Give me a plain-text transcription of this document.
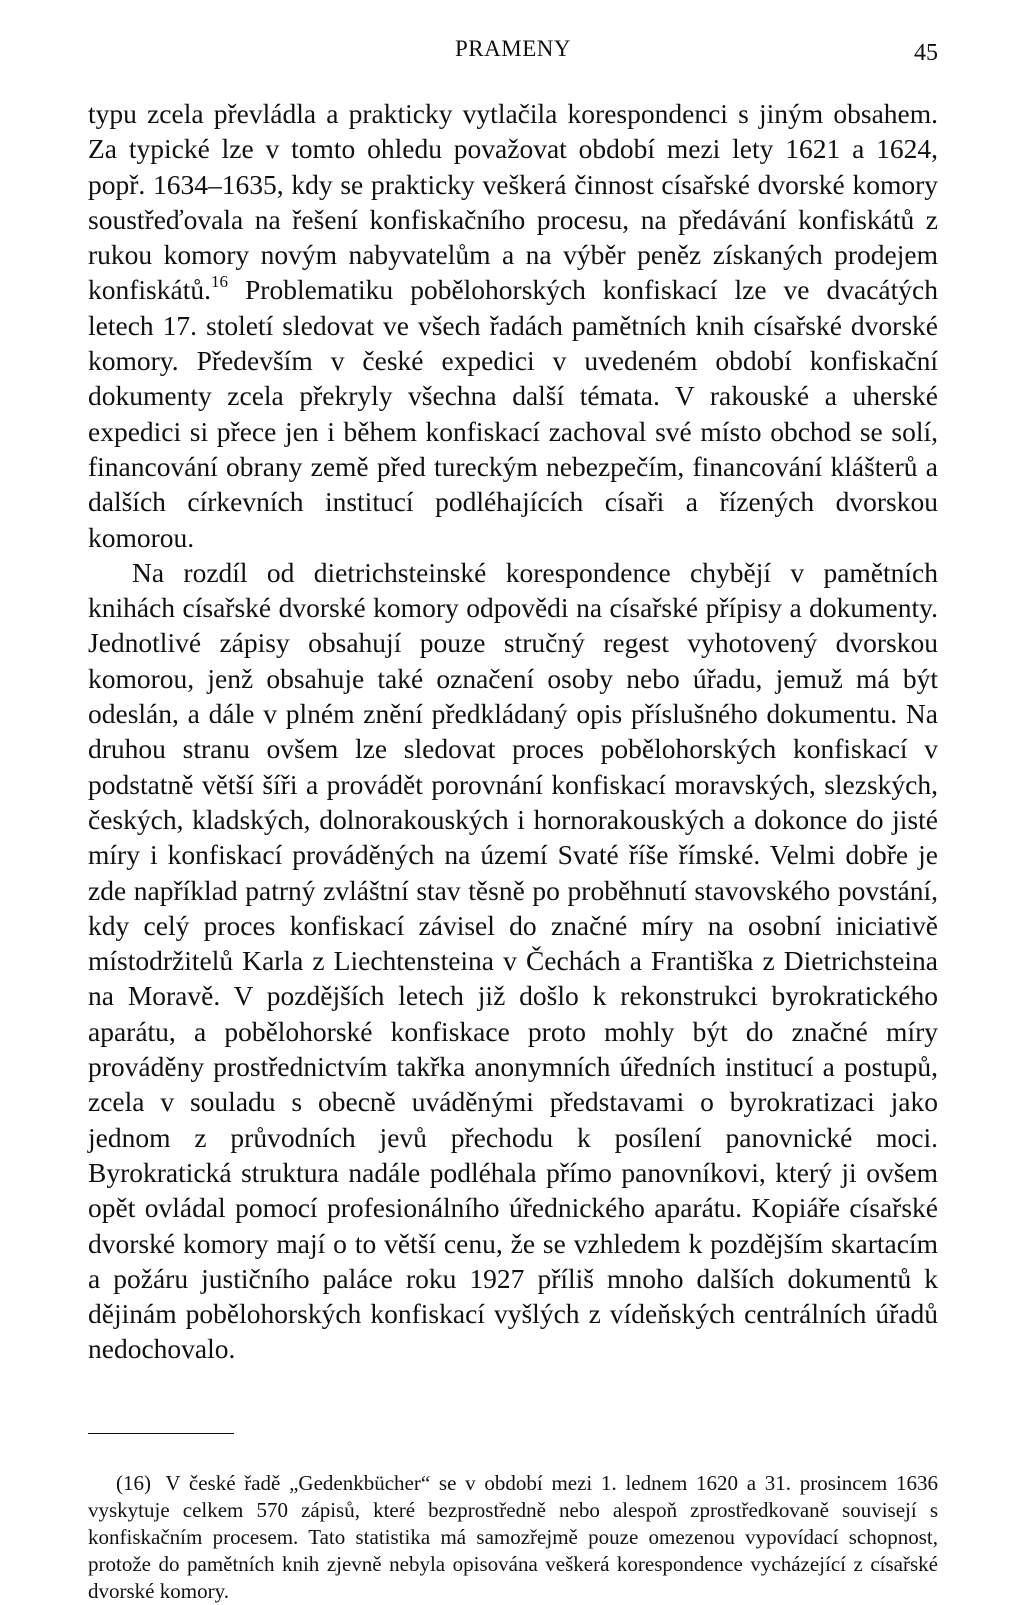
PRAMENY	45

typu zcela převládla a prakticky vytlačila korespondenci s jiným obsahem. Za typické lze v tomto ohledu považovat období mezi lety 1621 a 1624, popř. 1634–1635, kdy se prakticky veškerá činnost císařské dvorské komory soustřeďovala na řešení konfiskačního procesu, na předávání konfiskátů z rukou komory novým nabyvatelům a na výběr peněz získaných prodejem konfiskátů.$^{16}$ Problematiku pobělohorských konfiskací lze ve dvacátých letech 17. století sledovat ve všech řadách pamětních knih císařské dvorské komory. Především v české expedici v uvedeném období konfiskační dokumenty zcela překryly všechna další témata. V rakouské a uherské expedici si přece jen i během konfiskací zachoval své místo obchod se solí, financování obrany země před tureckým nebezpečím, financování klášterů a dalších církevních institucí podléhajících císaři a řízených dvorskou komorou.

Na rozdíl od dietrichsteinské korespondence chybějí v pamětních knihách císařské dvorské komory odpovědi na císařské přípisy a dokumenty. Jednotlivé zápisy obsahují pouze stručný regest vyhotovený dvorskou komorou, jenž obsahuje také označení osoby nebo úřadu, jemuž má být odeslán, a dále v plném znění předkládaný opis příslušného dokumentu. Na druhou stranu ovšem lze sledovat proces pobělohorských konfiskací v podstatně větší šíři a provádět porovnání konfiskací moravských, slezských, českých, kladských, dolnorakouských i hornorakouských a dokonce do jisté míry i konfiskací prováděných na území Svaté říše římské. Velmi dobře je zde například patrný zvláštní stav těsně po proběhnutí stavovského povstání, kdy celý proces konfiskací závisel do značné míry na osobní iniciativě místodržitelů Karla z Liechtensteina v Čechách a Františka z Dietrichsteina na Moravě. V pozdějších letech již došlo k rekonstrukci byrokratického aparátu, a pobělohorské konfiskace proto mohly být do značné míry prováděny prostřednictvím takřka anonymních úředních institucí a postupů, zcela v souladu s obecně uváděnými představami o byrokratizaci jako jednom z průvodních jevů přechodu k posílení panovnické moci. Byrokratická struktura nadále podléhala přímo panovníkovi, který ji ovšem opět ovládal pomocí profesionálního úřednického aparátu. Kopiáře císařské dvorské komory mají o to větší cenu, že se vzhledem k pozdějším skartacím a požáru justičního paláce roku 1927 příliš mnoho dalších dokumentů k dějinám pobělohorských konfiskací vyšlých z vídeňských centrálních úřadů nedochovalo.

(16) V české řadě „Gedenkbücher“ se v období mezi 1. lednem 1620 a 31. prosincem 1636 vyskytuje celkem 570 zápisů, které bezprostředně nebo alespoň zprostředkovaně souvisejí s konfiskačním procesem. Tato statistika má samozřejmě pouze omezenou vypovídací schopnost, protože do pamětních knih zjevně nebyla opisována veškerá korespondence vycházející z císařské dvorské komory.
